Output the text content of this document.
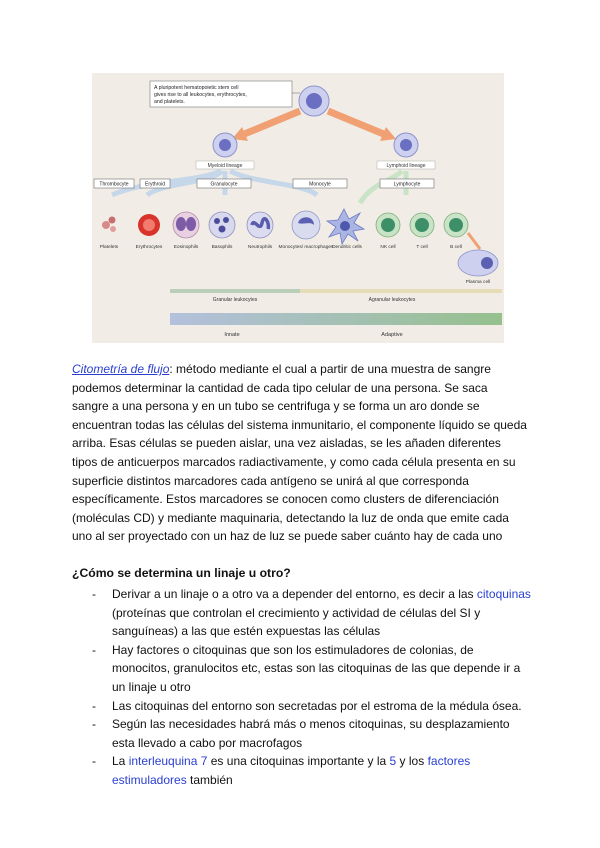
A pluripotent hematopoietic stem cell
gives rise to all leukocytes, erythrocytes,
and platelets.
Myeloid lineage	Lymphoid lineage
Thrombocyte	Erythroid	Granulocyte	Monocyte	Lymphocyte
Platelets	Erythrocytes Eosinophils	Basophils	Neutrophils Monocytes/ macrophages
Dendritic cells	NK cell	T cell	B cell
Plasma cell
Granular leukocytes	Agranular leukocytes
Innate	Adaptive

Citometría de flujo: método mediante el cual a partir de una muestra de sangre podemos determinar la cantidad de cada tipo celular de una persona. Se saca sangre a una persona y en un tubo se centrifuga y se forma un aro donde se encuentran todas las células del sistema inmunitario, el componente líquido se queda arriba. Esas células se pueden aislar, una vez aisladas, se les añaden diferentes tipos de anticuerpos marcados radiactivamente, y como cada célula presenta en su superficie distintos marcadores cada antígeno se unirá al que corresponda específicamente. Estos marcadores se conocen como clusters de diferenciación (moléculas CD) y mediante maquinaria, detectando la luz de onda que emite cada uno al ser proyectado con un haz de luz se puede saber cuánto hay de cada uno

¿Cómo se determina un linaje u otro?
- Derivar a un linaje o a otro va a depender del entorno, es decir a las citoquinas (proteínas que controlan el crecimiento y actividad de células del SI y sanguíneas) a las que estén expuestas las células
- Hay factores o citoquinas que son los estimuladores de colonias, de monocitos, granulocitos etc, estas son las citoquinas de las que depende ir a un linaje u otro
- Las citoquinas del entorno son secretadas por el estroma de la médula ósea.
- Según las necesidades habrá más o menos citoquinas, su desplazamiento esta llevado a cabo por macrofagos
- La interleuquina 7 es una citoquinas importante y la 5 y los factores estimuladores también
